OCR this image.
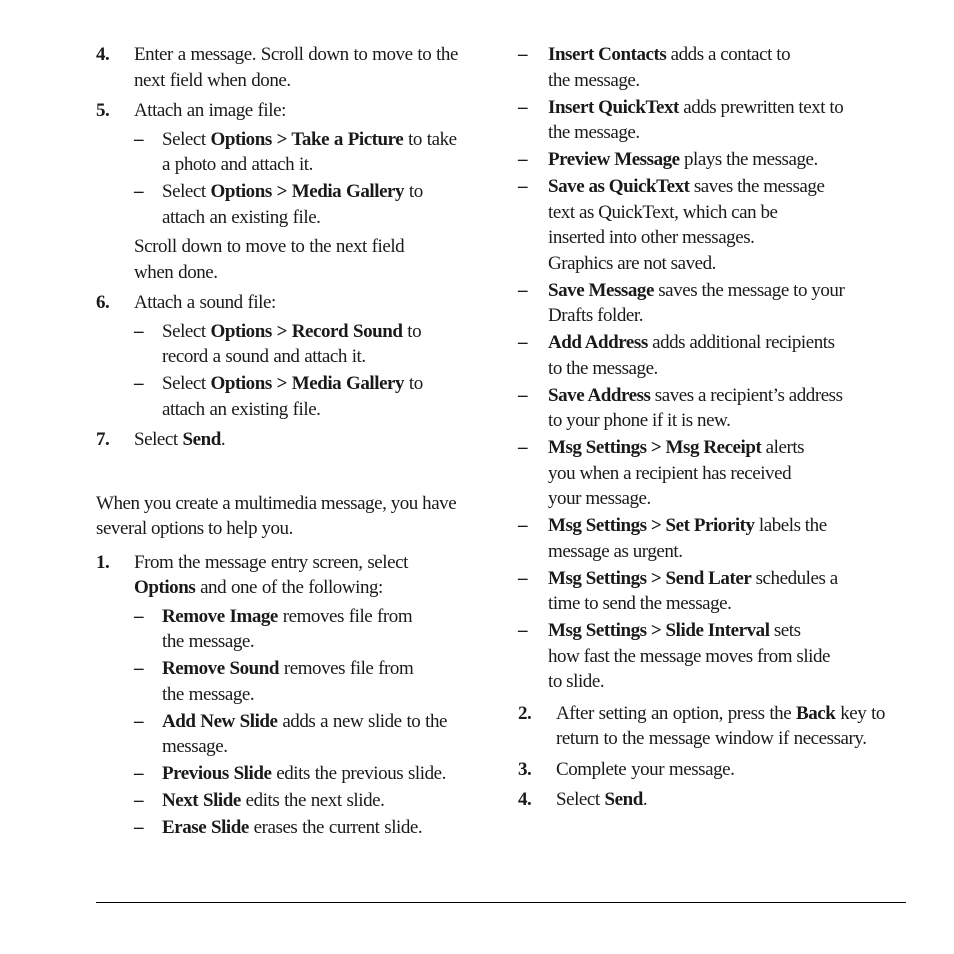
4. Enter a message. Scroll down to move to the
next field when done.
5. Attach an image file:
– Select Options > Take a Picture to take
a photo and attach it.
– Select Options > Media Gallery to
attach an existing file.
Scroll down to move to the next field
when done.
6. Attach a sound file:
– Select Options > Record Sound to
record a sound and attach it.
– Select Options > Media Gallery to
attach an existing file.
7. Select Send.
When you create a multimedia message, you have
several options to help you.
1. From the message entry screen, select
Options and one of the following:
– Remove Image removes file from
the message.
– Remove Sound removes file from
the message.
– Add New Slide adds a new slide to the
message.
– Previous Slide edits the previous slide.
– Next Slide edits the next slide.
– Erase Slide erases the current slide.
– Insert Contacts adds a contact to
the message.
– Insert QuickText adds prewritten text to
the message.
– Preview Message plays the message.
– Save as QuickText saves the message
text as QuickText, which can be
inserted into other messages.
Graphics are not saved.
– Save Message saves the message to your
Drafts folder.
– Add Address adds additional recipients
to the message.
– Save Address saves a recipient’s address
to your phone if it is new.
– Msg Settings > Msg Receipt alerts
you when a recipient has received
your message.
– Msg Settings > Set Priority labels the
message as urgent.
– Msg Settings > Send Later schedules a
time to send the message.
– Msg Settings > Slide Interval sets
how fast the message moves from slide
to slide.
2. After setting an option, press the Back key to
return to the message window if necessary.
3. Complete your message.
4. Select Send.
